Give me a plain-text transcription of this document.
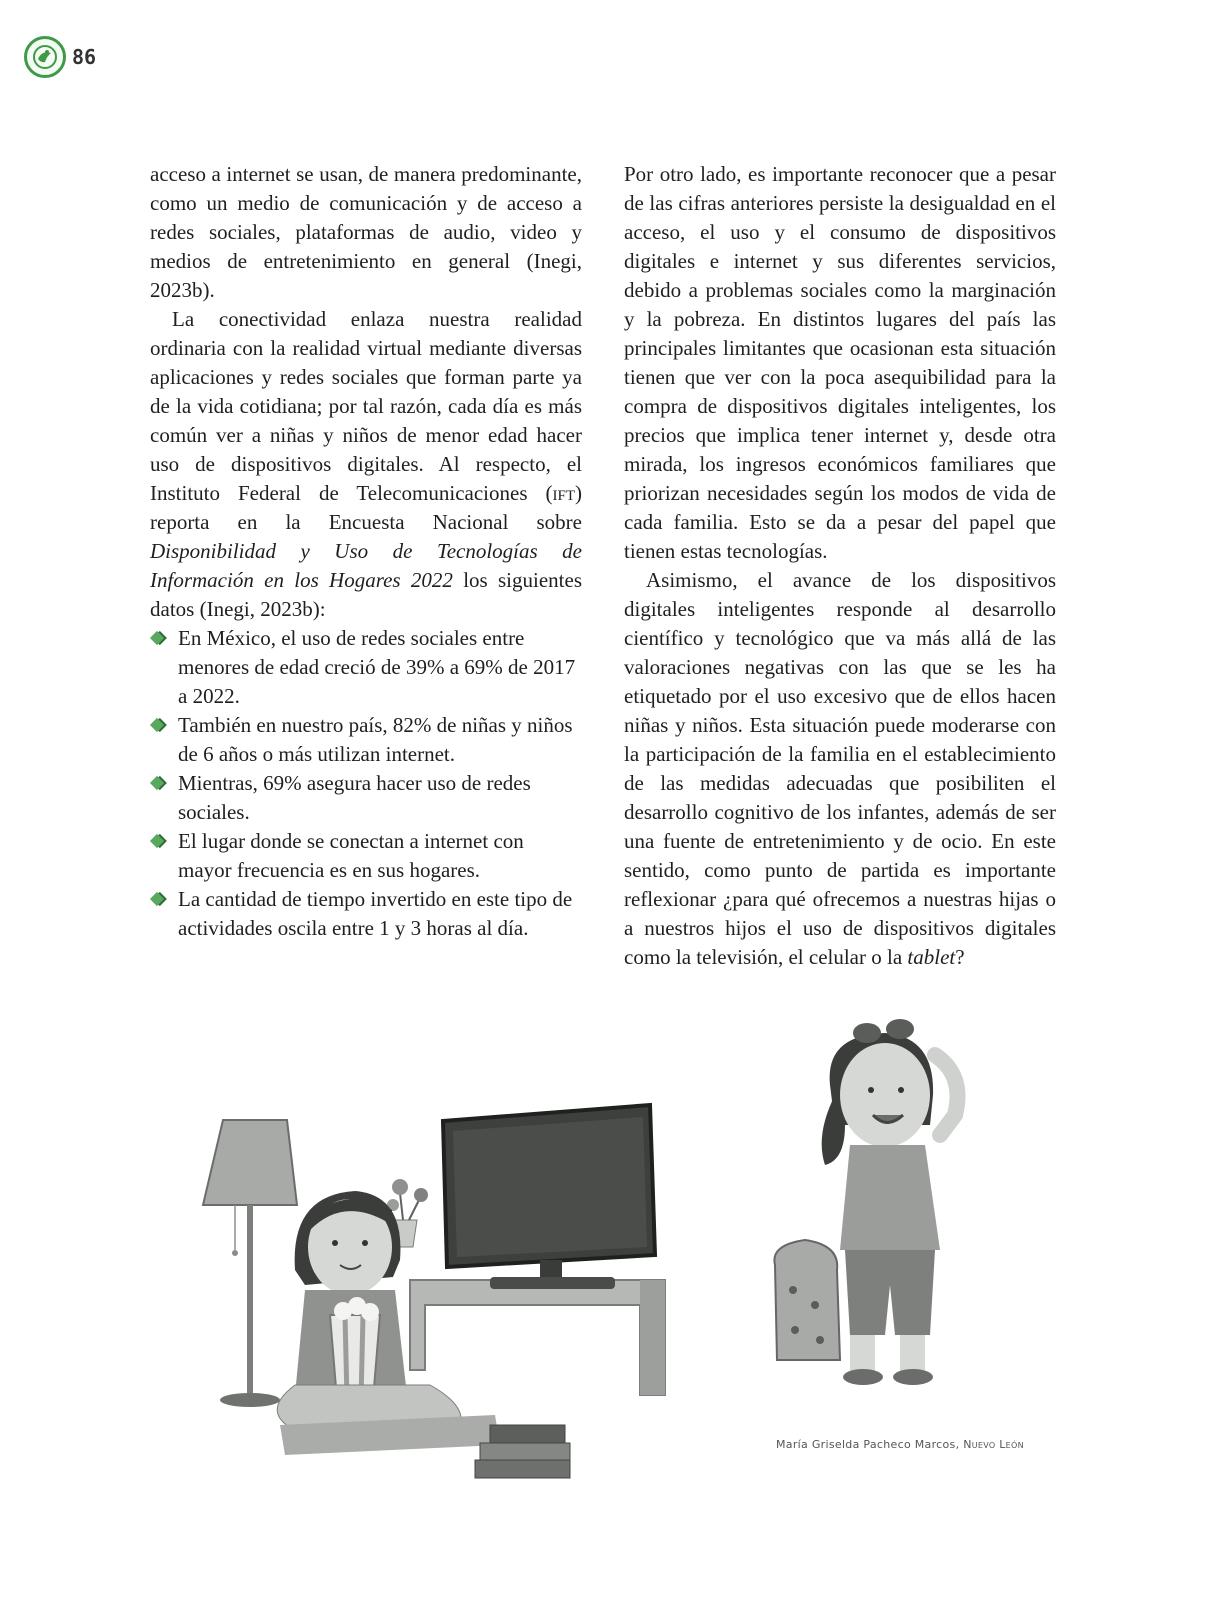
86

acceso a internet se usan, de manera predominante, como un medio de comunicación y de acceso a redes sociales, plataformas de audio, video y medios de entretenimiento en general (Inegi, 2023b).

La conectividad enlaza nuestra realidad ordinaria con la realidad virtual mediante diversas aplicaciones y redes sociales que forman parte ya de la vida cotidiana; por tal razón, cada día es más común ver a niñas y niños de menor edad hacer uso de dispositivos digitales. Al respecto, el Instituto Federal de Telecomunicaciones (ift) reporta en la Encuesta Nacional sobre Disponibilidad y Uso de Tecnologías de Información en los Hogares 2022 los siguientes datos (Inegi, 2023b):

En México, el uso de redes sociales entre menores de edad creció de 39% a 69% de 2017 a 2022.
También en nuestro país, 82% de niñas y niños de 6 años o más utilizan internet.
Mientras, 69% asegura hacer uso de redes sociales.
El lugar donde se conectan a internet con mayor frecuencia es en sus hogares.
La cantidad de tiempo invertido en este tipo de actividades oscila entre 1 y 3 horas al día.

Por otro lado, es importante reconocer que a pesar de las cifras anteriores persiste la desigualdad en el acceso, el uso y el consumo de dispositivos digitales e internet y sus diferentes servicios, debido a problemas sociales como la marginación y la pobreza. En distintos lugares del país las principales limitantes que ocasionan esta situación tienen que ver con la poca asequibilidad para la compra de dispositivos digitales inteligentes, los precios que implica tener internet y, desde otra mirada, los ingresos económicos familiares que priorizan necesidades según los modos de vida de cada familia. Esto se da a pesar del papel que tienen estas tecnologías.

Asimismo, el avance de los dispositivos digitales inteligentes responde al desarrollo científico y tecnológico que va más allá de las valoraciones negativas con las que se les ha etiquetado por el uso excesivo que de ellos hacen niñas y niños. Esta situación puede moderarse con la participación de la familia en el establecimiento de las medidas adecuadas que posibiliten el desarrollo cognitivo de los infantes, además de ser una fuente de entretenimiento y de ocio. En este sentido, como punto de partida es importante reflexionar ¿para qué ofrecemos a nuestras hijas o a nuestros hijos el uso de dispositivos digitales como la televisión, el celular o la tablet?

María Griselda Pacheco Marcos, Nuevo León
